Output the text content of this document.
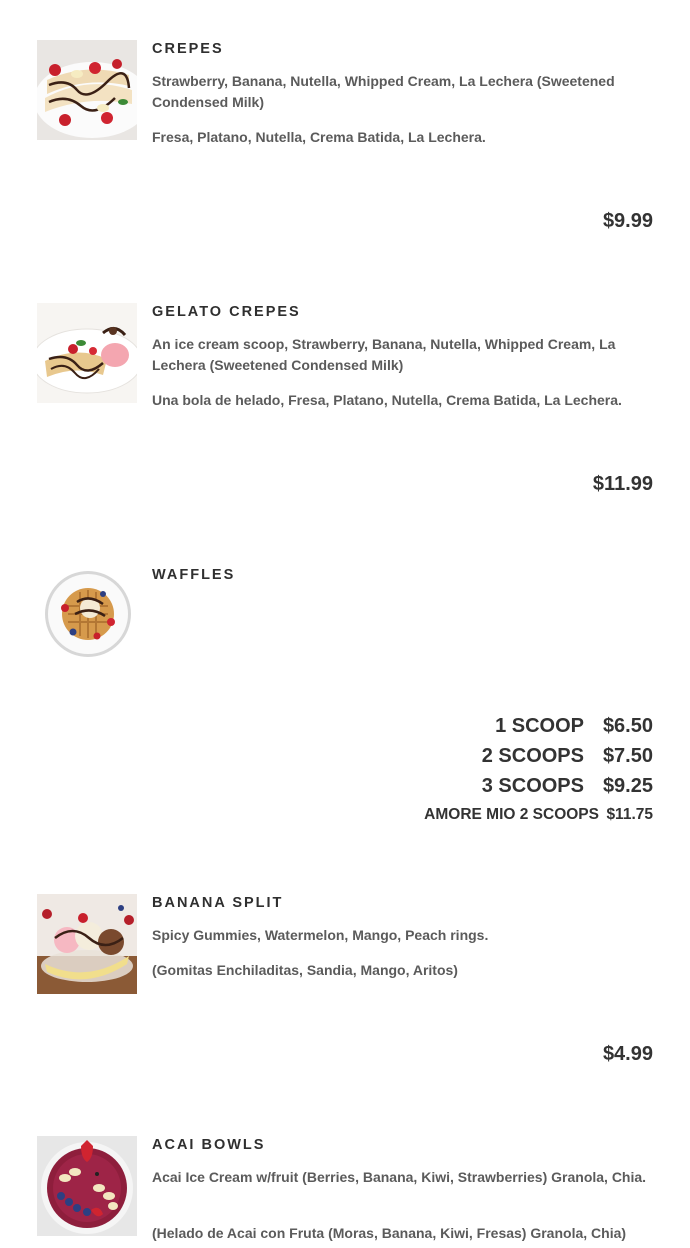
CREPES
Strawberry, Banana, Nutella, Whipped Cream, La Lechera (Sweetened Condensed Milk)
Fresa, Platano, Nutella, Crema Batida, La Lechera.
$9.99
GELATO CREPES
An ice cream scoop, Strawberry, Banana, Nutella, Whipped Cream, La Lechera (Sweetened Condensed Milk)
Una bola de helado, Fresa, Platano, Nutella, Crema Batida, La Lechera.
$11.99
WAFFLES
1 SCOOP $6.50
2 SCOOPS $7.50
3 SCOOPS $9.25
AMORE MIO 2 SCOOPS $11.75
BANANA SPLIT
Spicy Gummies, Watermelon, Mango, Peach rings.
(Gomitas Enchiladitas, Sandia, Mango, Aritos)
$4.99
ACAI BOWLS
Acai Ice Cream w/fruit (Berries, Banana, Kiwi, Strawberries) Granola, Chia.
(Helado de Acai con Fruta (Moras, Banana, Kiwi, Fresas) Granola, Chia)
